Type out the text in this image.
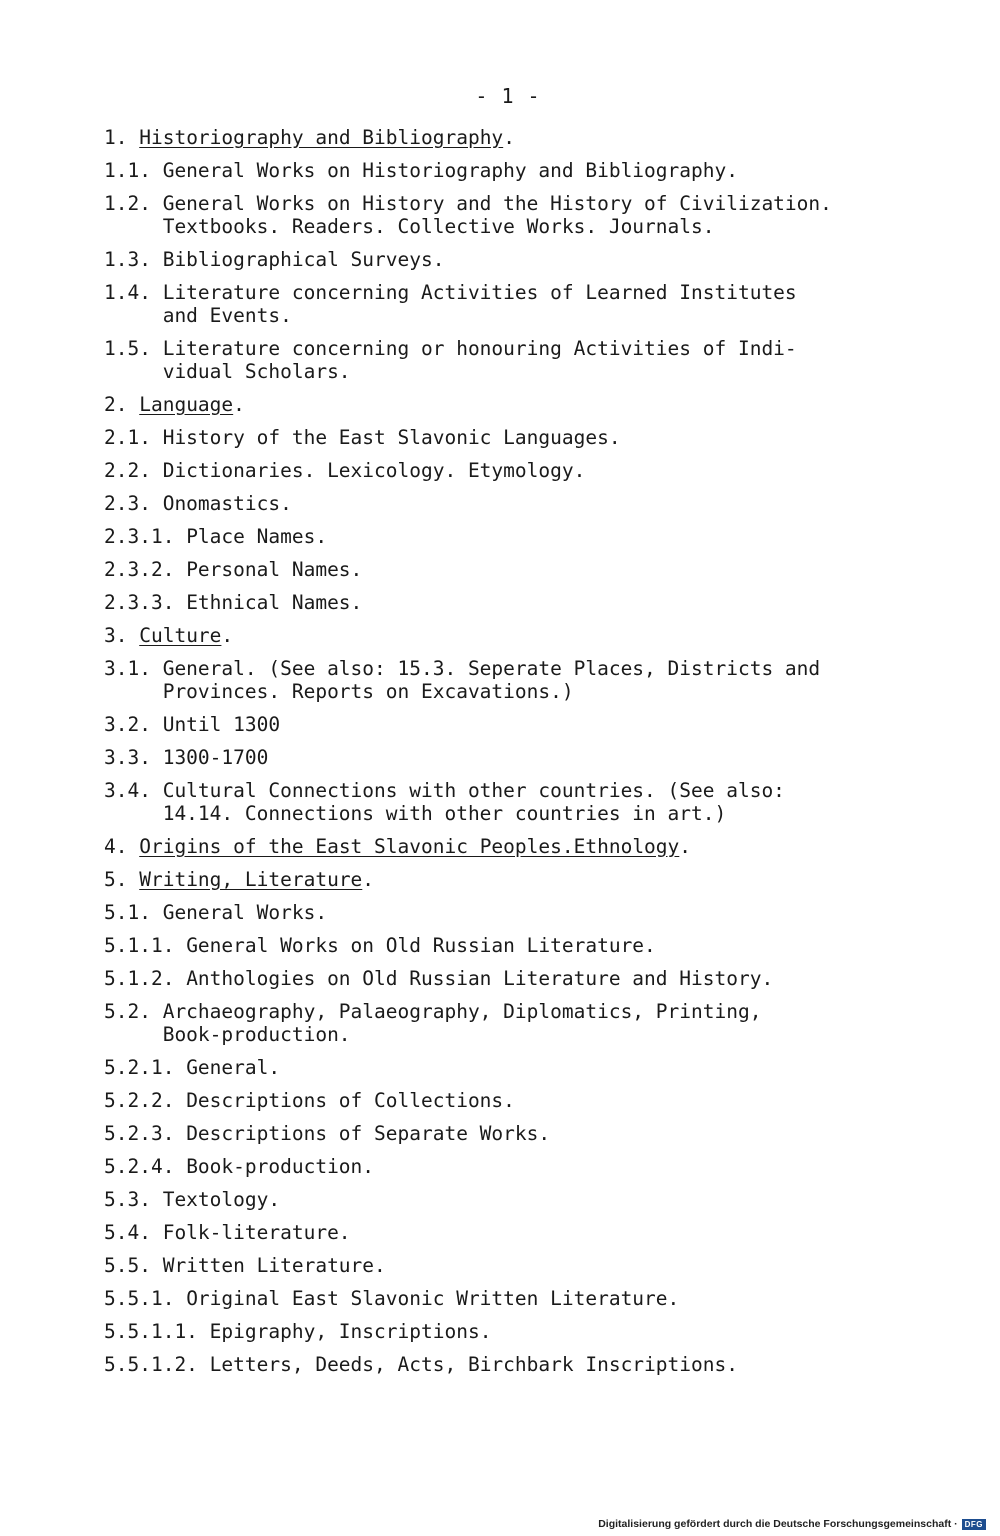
- 1 -
1. Historiography and Bibliography.
1.1. General Works on Historiography and Bibliography.
1.2. General Works on History and the History of Civilization.
Textbooks. Readers. Collective Works. Journals.
1.3. Bibliographical Surveys.
1.4. Literature concerning Activities of Learned Institutes
and Events.
1.5. Literature concerning or honouring Activities of Indi-
vidual Scholars.
2. Language.
2.1. History of the East Slavonic Languages.
2.2. Dictionaries. Lexicology. Etymology.
2.3. Onomastics.
2.3.1. Place Names.
2.3.2. Personal Names.
2.3.3. Ethnical Names.
3. Culture.
3.1. General. (See also: 15.3. Seperate Places, Districts and
Provinces. Reports on Excavations.)
3.2. Until 1300
3.3. 1300-1700
3.4. Cultural Connections with other countries. (See also:
14.14. Connections with other countries in art.)
4. Origins of the East Slavonic Peoples.Ethnology.
5. Writing, Literature.
5.1. General Works.
5.1.1. General Works on Old Russian Literature.
5.1.2. Anthologies on Old Russian Literature and History.
5.2. Archaeography, Palaeography, Diplomatics, Printing,
Book-production.
5.2.1. General.
5.2.2. Descriptions of Collections.
5.2.3. Descriptions of Separate Works.
5.2.4. Book-production.
5.3. Textology.
5.4. Folk-literature.
5.5. Written Literature.
5.5.1. Original East Slavonic Written Literature.
5.5.1.1. Epigraphy, Inscriptions.
5.5.1.2. Letters, Deeds, Acts, Birchbark Inscriptions.
Digitalisierung gefördert durch die Deutsche Forschungsgemeinschaft · DFG
